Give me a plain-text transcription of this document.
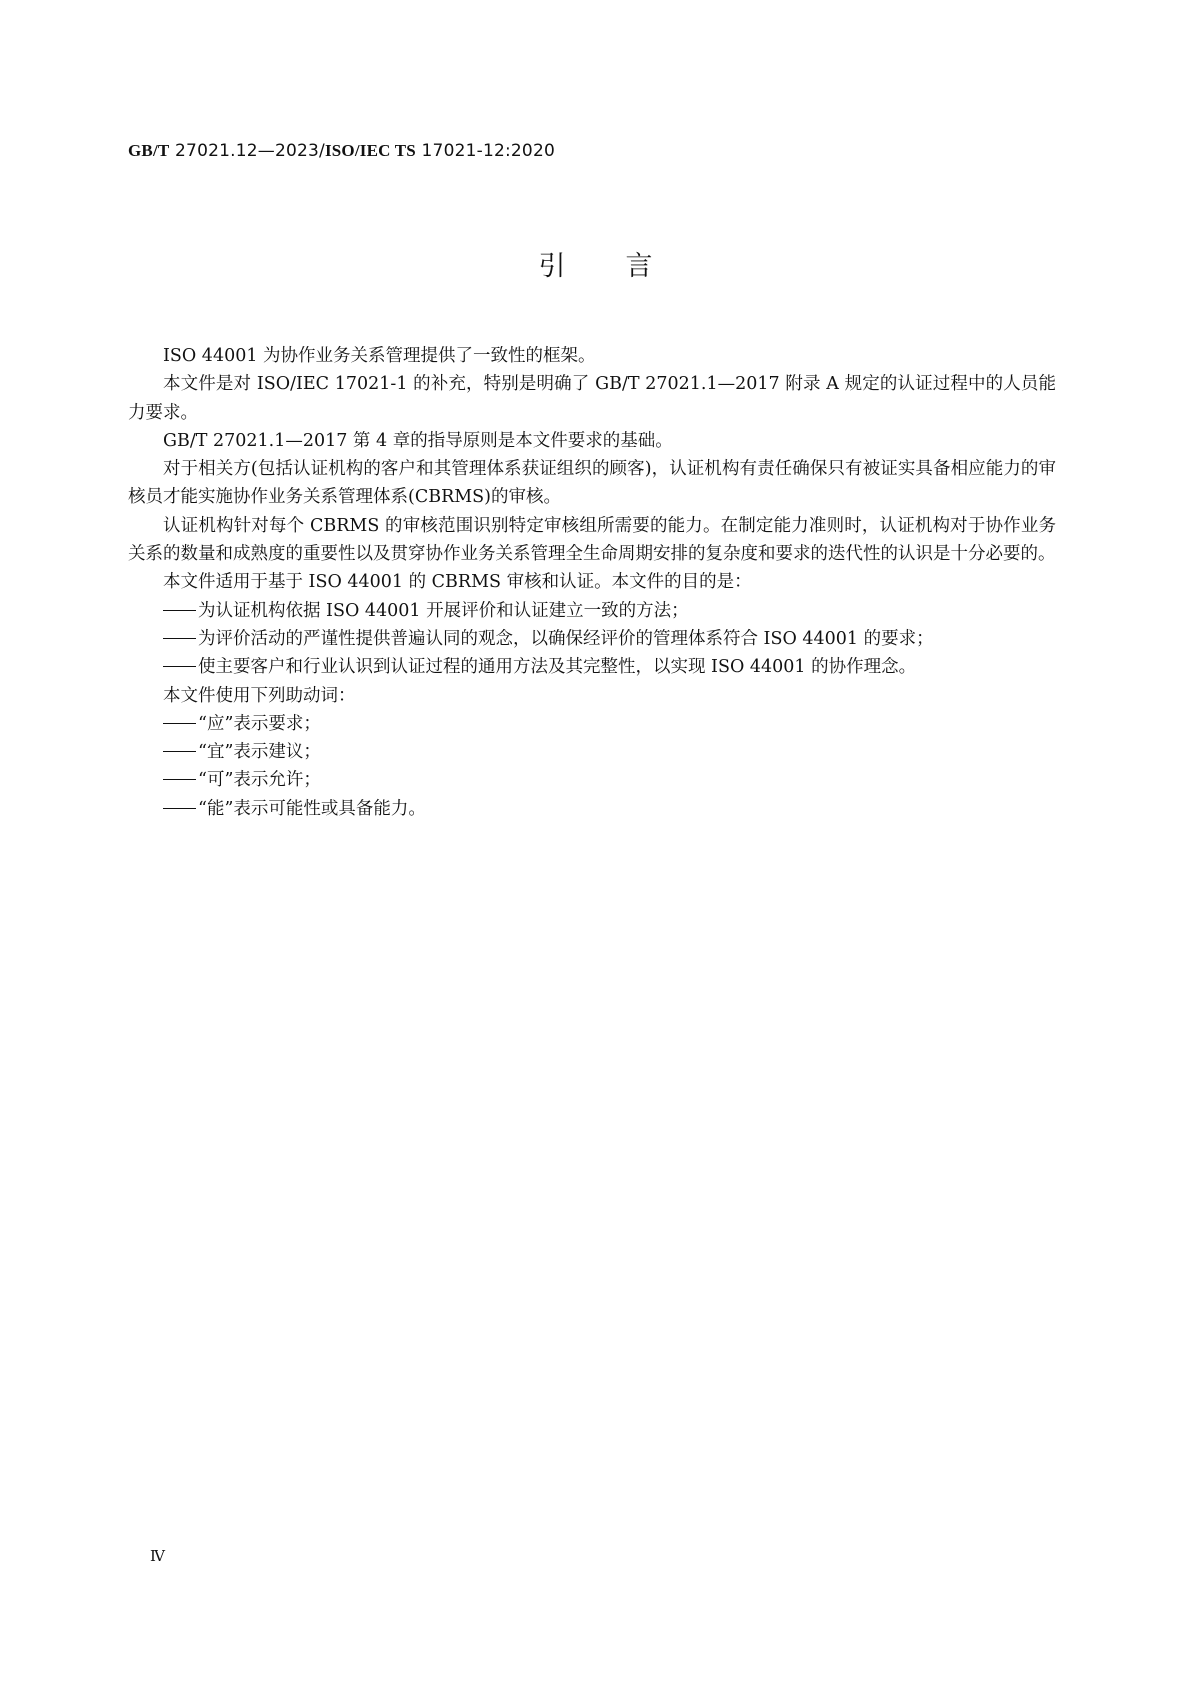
GB/T 27021.12—2023/ISO/IEC TS 17021-12:2020
引言

ISO 44001 为协作业务关系管理提供了一致性的框架。

本文件是对 ISO/IEC 17021-1 的补充，特别是明确了 GB/T 27021.1—2017 附录 A 规定的认证过程中的人员能力要求。

GB/T 27021.1—2017 第 4 章的指导原则是本文件要求的基础。

对于相关方(包括认证机构的客户和其管理体系获证组织的顾客)，认证机构有责任确保只有被证实具备相应能力的审核员才能实施协作业务关系管理体系(CBRMS)的审核。

认证机构针对每个 CBRMS 的审核范围识别特定审核组所需要的能力。在制定能力准则时，认证机构对于协作业务关系的数量和成熟度的重要性以及贯穿协作业务关系管理全生命周期安排的复杂度和要求的迭代性的认识是十分必要的。

本文件适用于基于 ISO 44001 的 CBRMS 审核和认证。本文件的目的是：

为认证机构依据 ISO 44001 开展评价和认证建立一致的方法；

为评价活动的严谨性提供普遍认同的观念，以确保经评价的管理体系符合 ISO 44001 的要求；

使主要客户和行业认识到认证过程的通用方法及其完整性，以实现 ISO 44001 的协作理念。

本文件使用下列助动词：

“应”表示要求；

“宜”表示建议；

“可”表示允许；

“能”表示可能性或具备能力。

Ⅳ
